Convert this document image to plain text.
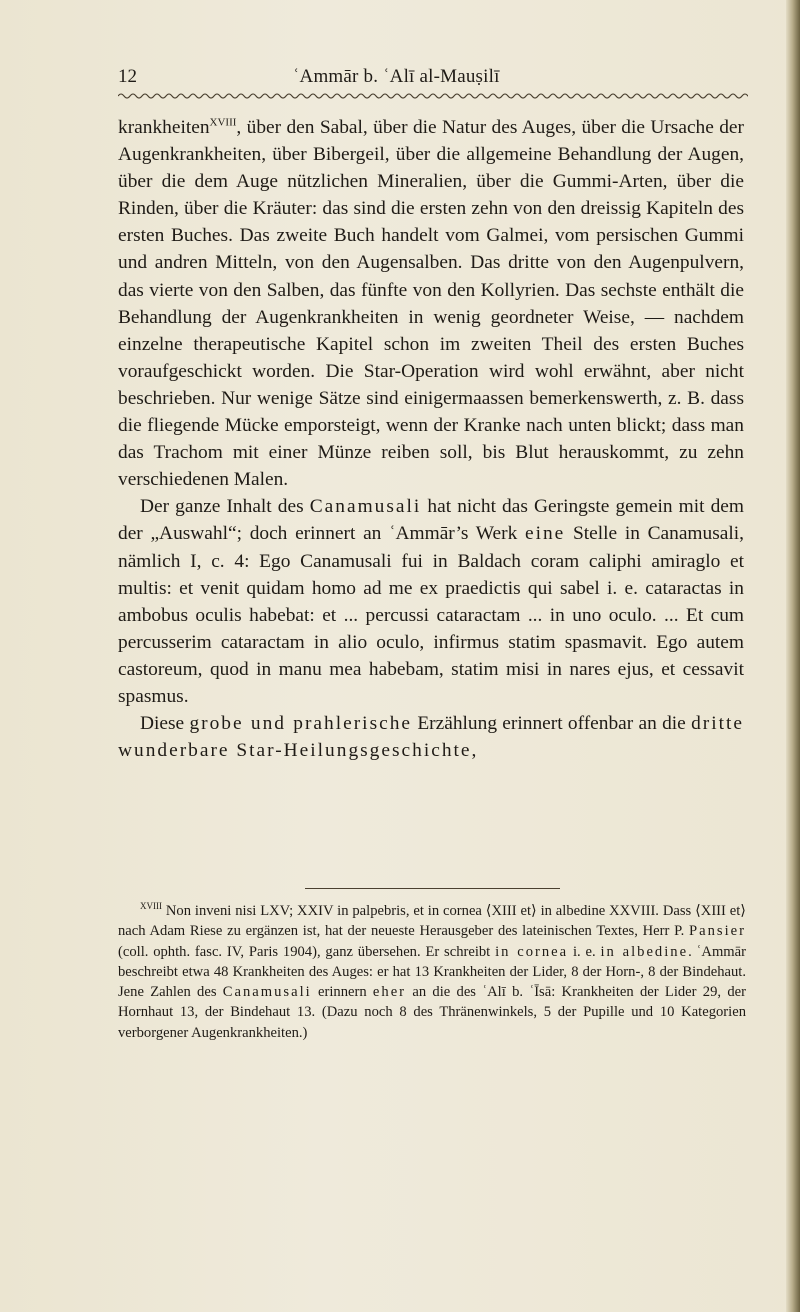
12	ʿAmmār b. ʿAlī al-Mauṣilī

krankheiten$^{XVIII}$, über den Sabal, über die Natur des Auges, über die Ursache der Augenkrankheiten, über Bibergeil, über die allgemeine Behandlung der Augen, über die dem Auge nützlichen Mineralien, über die Gummi-Arten, über die Rinden, über die Kräuter: das sind die ersten zehn von den dreissig Kapiteln des ersten Buches. Das zweite Buch handelt vom Galmei, vom persischen Gummi und andren Mitteln, von den Augensalben. Das dritte von den Augenpulvern, das vierte von den Salben, das fünfte von den Kollyrien. Das sechste enthält die Behandlung der Augenkrankheiten in wenig geordneter Weise, — nachdem einzelne therapeutische Kapitel schon im zweiten Theil des ersten Buches voraufgeschickt worden. Die Star-Operation wird wohl erwähnt, aber nicht beschrieben. Nur wenige Sätze sind einigermaassen bemerkenswerth, z. B. dass die fliegende Mücke emporsteigt, wenn der Kranke nach unten blickt; dass man das Trachom mit einer Münze reiben soll, bis Blut herauskommt, zu zehn verschiedenen Malen.

Der ganze Inhalt des Canamusali hat nicht das Geringste gemein mit dem der „Auswahl“; doch erinnert an ʿAmmār’s Werk eine Stelle in Canamusali, nämlich I, c. 4: Ego Canamusali fui in Baldach coram caliphi amiraglo et multis: et venit quidam homo ad me ex praedictis qui sabel i. e. cataractas in ambobus oculis habebat: et ... percussi cataractam ... in uno oculo. ... Et cum percusserim cataractam in alio oculo, infirmus statim spasmavit. Ego autem castoreum, quod in manu mea habebam, statim misi in nares ejus, et cessavit spasmus.

Diese grobe und prahlerische Erzählung erinnert offenbar an die dritte wunderbare Star-Heilungsgeschichte,

$^{XVIII}$ Non inveni nisi LXV; XXIV in palpebris, et in cornea ⟨XIII et⟩ in albedine XXVIII. Dass ⟨XIII et⟩ nach Adam Riese zu ergänzen ist, hat der neueste Herausgeber des lateinischen Textes, Herr P. Pansier (coll. ophth. fasc. IV, Paris 1904), ganz übersehen. Er schreibt in cornea i. e. in albedine. ʿAmmār beschreibt etwa 48 Krankheiten des Auges: er hat 13 Krankheiten der Lider, 8 der Horn-, 8 der Bindehaut. Jene Zahlen des Canamusali erinnern eher an die des ʿAlī b. ʿĪsā: Krankheiten der Lider 29, der Hornhaut 13, der Bindehaut 13. (Dazu noch 8 des Thränenwinkels, 5 der Pupille und 10 Kategorien verborgener Augenkrankheiten.)
